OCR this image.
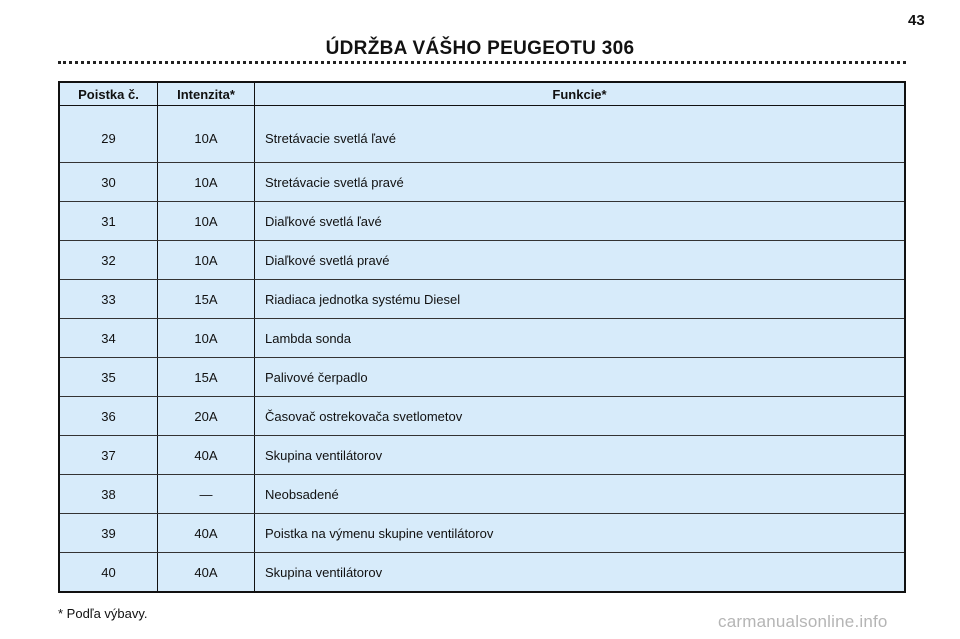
43
ÚDRŽBA VÁŠHO PEUGEOTU 306
Poistka č.	Intenzita*	Funkcie*
29	10A	Stretávacie svetlá ľavé
30	10A	Stretávacie svetlá pravé
31	10A	Diaľkové svetlá ľavé
32	10A	Diaľkové svetlá pravé
33	15A	Riadiaca jednotka systému Diesel
34	10A	Lambda sonda
35	15A	Palivové čerpadlo
36	20A	Časovač ostrekovača svetlometov
37	40A	Skupina ventilátorov
38	—	Neobsadené
39	40A	Poistka na výmenu skupine ventilátorov
40	40A	Skupina ventilátorov
* Podľa výbavy.	carmanualsonline.info
